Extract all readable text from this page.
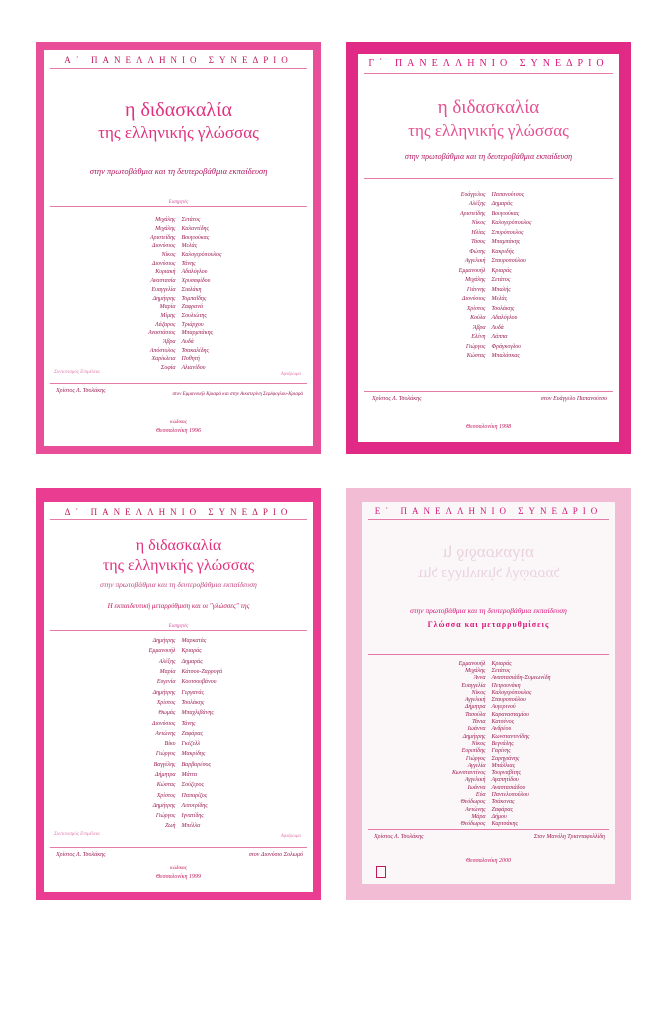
Α΄ ΠΑΝΕΛΛΗΝΙΟ ΣΥΝΕΔΡΙΟ
η διδασκαλία
της ελληνικής γλώσσας
στην πρωτοβάθμια και τη δευτεροβάθμια εκπαίδευση
Εισηγητές
Μιχάλης	Σετάτος
Μιχάλης	Καλαντίδης
Αριστείδης	Βουγιούκας
Διονύσιος	Μελάς
Νίκος	Καλογερόπουλος
Διονύσιος	Τάνης
Κυριακή	Αδαλόγλου
Αναστασία	Χρυσαφίδου
Ευαγγελία	Σιαλάκη
Δημήτρης	Τομπαΐδης
Μαρία	Ζαφρανά
Μίμης	Σουλιώτης
Λάζαρος	Τριάρχου
Αναστάσιος	Μπαρμπάκης
Άβρα	Λυδά
Απόστολος	Τσακαλίδης
Χαρίκλεια	Ποθητή
Σοφία	Αλιανίδου
Συντονισμός Επιμέλεια	Αφιέρωμα
Χρίστος Λ. Τσολάκης
στον Εμμανουήλ Κριαρά και στην Αικατερίνη Σερέφογλου-Κριαρά
κώδικας
Θεσσαλονίκη 1996
Γ΄ ΠΑΝΕΛΛΗΝΙΟ ΣΥΝΕΔΡΙΟ
η διδασκαλία
της ελληνικής γλώσσας
στην πρωτοβάθμια και τη δευτεροβάθμια εκπαίδευση
Ευάγγελος	Παπανούτσος
Αλέξης	Δημαράς
Αριστείδης	Βουγιούκας
Νίκος	Καλογερόπουλος
Ηλίας	Σπυρόπουλος
Τάσος	Μπαμπάκης
Φώτης	Κακριδής
Αγγελική	Σταυροπούλου
Εμμανουήλ	Κριαράς
Μιχάλης	Σετάτος
Γιάννης	Μπαλής
Διονύσιος	Μελάς
Χρίστος	Τσολάκης
Κούλα	Αδαλόγλου
Άβρα	Λυδά
Ελένη	Λάππα
Γιώργος	Φράγκογλου
Κώστας	Μπαλάσκας
Χρίστος Λ. Τσολάκης	στον Ευάγγελο Παπανούτσο
Θεσσαλονίκη 1998
Δ΄ ΠΑΝΕΛΛΗΝΙΟ ΣΥΝΕΔΡΙΟ
η διδασκαλία
της ελληνικής γλώσσας
στην πρωτοβάθμια και τη δευτεροβάθμια εκπαίδευση
Η εκπαιδευτική μεταρρύθμιση και οι "γλώσσες" της
Εισηγητές
Δημήτρης	Μαρκατάς
Εμμανουήλ	Κριαράς
Αλέξης	Δημαράς
Μαρία	Κάτσου-Ζαρρογά
Ευγενία	Κουτσουβάνου
Δημήτρης	Γεργανάς
Χρίστος	Τσολάκης
Θωμάς	Μπαχλιβάνης
Διονύσιος	Τάνης
Αντώνης	Ζαφάρας
Βίκυ	Γκέζελλ
Γιώργος	Μακρίδης
Βαγγέλης	Βαρβαρέσος
Δήμητρα	Μάττα
Κώστας	Σούζερος
Χρίστος	Παπαρίζος
Δημήτρης	Λιποτρίδης
Γιώργος	Ιγνατίδης
Ζωή	Μπέλλα
Συντονισμός Επιμέλεια	Αφιέρωμα
Χρίστος Λ. Τσολάκης	στον Διονύσιο Σολωμό
κώδικας
Θεσσαλονίκη 1999
Ε΄ ΠΑΝΕΛΛΗΝΙΟ ΣΥΝΕΔΡΙΟ
η διδασκαλία
της ελληνικής γλώσσας
στην πρωτοβάθμια και τη δευτεροβάθμια εκπαίδευση
Γλώσσα και μεταρρυθμίσεις
Εμμανουήλ	Κριαράς
Μιχάλης	Σετάτος
Άννα	Αναστασιάδη-Συμεωνίδη
Ευαγγελία	Πετρουνάκη
Νίκος	Καλογερόπουλος
Αγγελική	Σταυροπούλου
Δήμητρα	Αυγερινού
Τασούλα	Καρανασταμίου
Τάνια	Κατσένος
Ιωάννα	Ανδρέου
Δημήτρης	Κωνσταντινίδης
Νίκος	Βεγνάλης
Ευριπίδης	Γαρίνης
Γιώργος	Σαρηγιάνης
Αγγελία	Μπάλλιας
Κωνσταντίνος	Τουρναβίτης
Αγγελική	Αγαπητίδου
Ιωάννα	Αναστασιάδου
Εύα	Παντελοπούλου
Θεόδωρος	Τσάκονας
Αντώνης	Ζαφάρας
Μάρα	Δήμου
Θεόδωρος	Καρτσάκης
Χρίστος Λ. Τσολάκης	Στον Μανόλη Τριανταφυλλίδη
Θεσσαλονίκη 2000
